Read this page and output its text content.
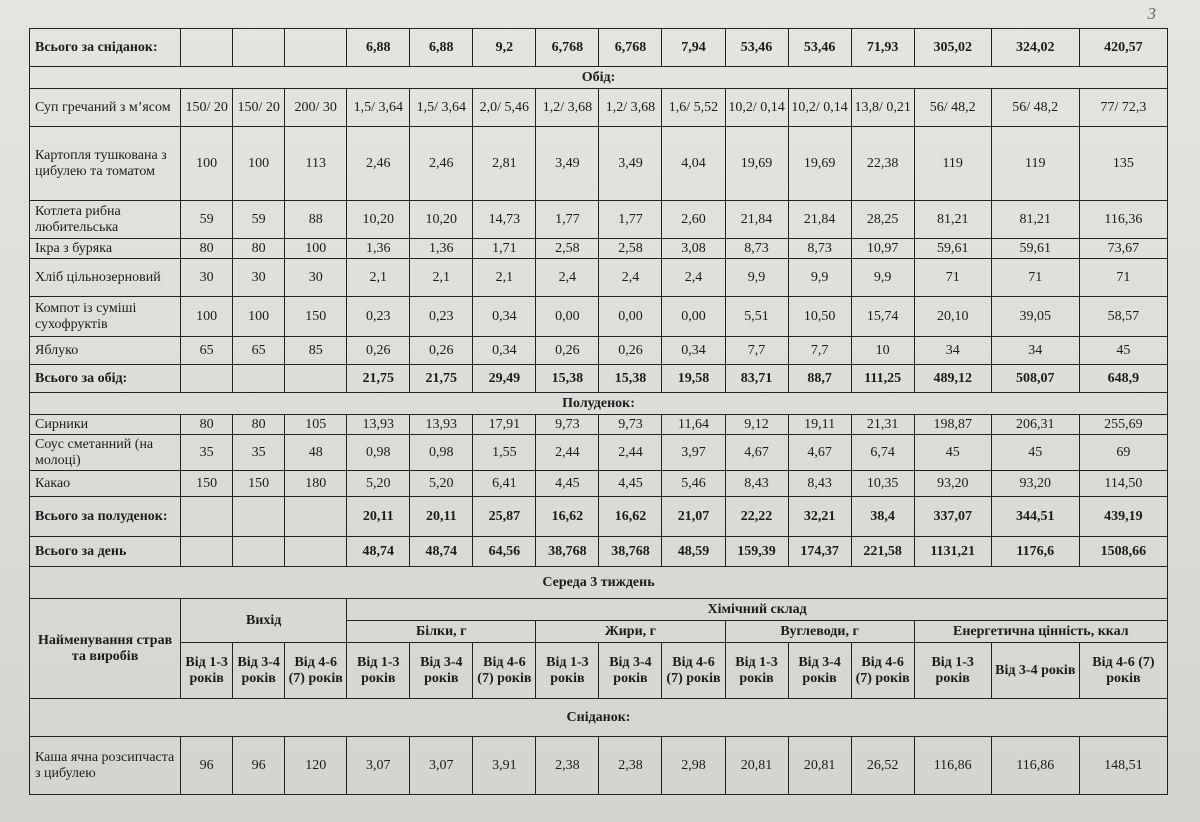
3
Всього за сніданок:				6,88	6,88	9,2	6,768	6,768	7,94	53,46	53,46	71,93	305,02	324,02	420,57
Обід:															
Суп гречаний з м’ясом	150/ 20	150/ 20	200/ 30	1,5/ 3,64	1,5/ 3,64	2,0/ 5,46	1,2/ 3,68	1,2/ 3,68	1,6/ 5,52	10,2/ 0,14	10,2/ 0,14	13,8/ 0,21	56/ 48,2	56/ 48,2	77/ 72,3
Картопля тушкована з цибулею та томатом	100	100	113	2,46	2,46	2,81	3,49	3,49	4,04	19,69	19,69	22,38	119	119	135
Котлета рибна любительська	59	59	88	10,20	10,20	14,73	1,77	1,77	2,60	21,84	21,84	28,25	81,21	81,21	116,36
Ікра з буряка	80	80	100	1,36	1,36	1,71	2,58	2,58	3,08	8,73	8,73	10,97	59,61	59,61	73,67
Хліб цільнозерновий	30	30	30	2,1	2,1	2,1	2,4	2,4	2,4	9,9	9,9	9,9	71	71	71
Компот із суміші сухофруктів	100	100	150	0,23	0,23	0,34	0,00	0,00	0,00	5,51	10,50	15,74	20,10	39,05	58,57
Яблуко	65	65	85	0,26	0,26	0,34	0,26	0,26	0,34	7,7	7,7	10	34	34	45
Всього за обід:				21,75	21,75	29,49	15,38	15,38	19,58	83,71	88,7	111,25	489,12	508,07	648,9
Полуденок:															
Сирники	80	80	105	13,93	13,93	17,91	9,73	9,73	11,64	9,12	19,11	21,31	198,87	206,31	255,69
Соус сметанний (на молоці)	35	35	48	0,98	0,98	1,55	2,44	2,44	3,97	4,67	4,67	6,74	45	45	69
Какао	150	150	180	5,20	5,20	6,41	4,45	4,45	5,46	8,43	8,43	10,35	93,20	93,20	114,50
Всього за полуденок:				20,11	20,11	25,87	16,62	16,62	21,07	22,22	32,21	38,4	337,07	344,51	439,19
Всього за день				48,74	48,74	64,56	38,768	38,768	48,59	159,39	174,37	221,58	1131,21	1176,6	1508,66
Середа 3 тиждень															
Найменування страв та виробів	Вихід			Хімічний склад											
				Білки, г			Жири, г			Вуглеводи, г			Енергетична цінність, ккал		
	Від 1-3 років	Від 3-4 років	Від 4-6 (7) років	Від 1-3 років	Від 3-4 років	Від 4-6 (7) років	Від 1-3 років	Від 3-4 років	Від 4-6 (7) років	Від 1-3 років	Від 3-4 років	Від 4-6 (7) років	Від 1-3 років	Від 3-4 років	Від 4-6 (7) років
Сніданок:															
Каша ячна розсипчаста з цибулею	96	96	120	3,07	3,07	3,91	2,38	2,38	2,98	20,81	20,81	26,52	116,86	116,86	148,51
